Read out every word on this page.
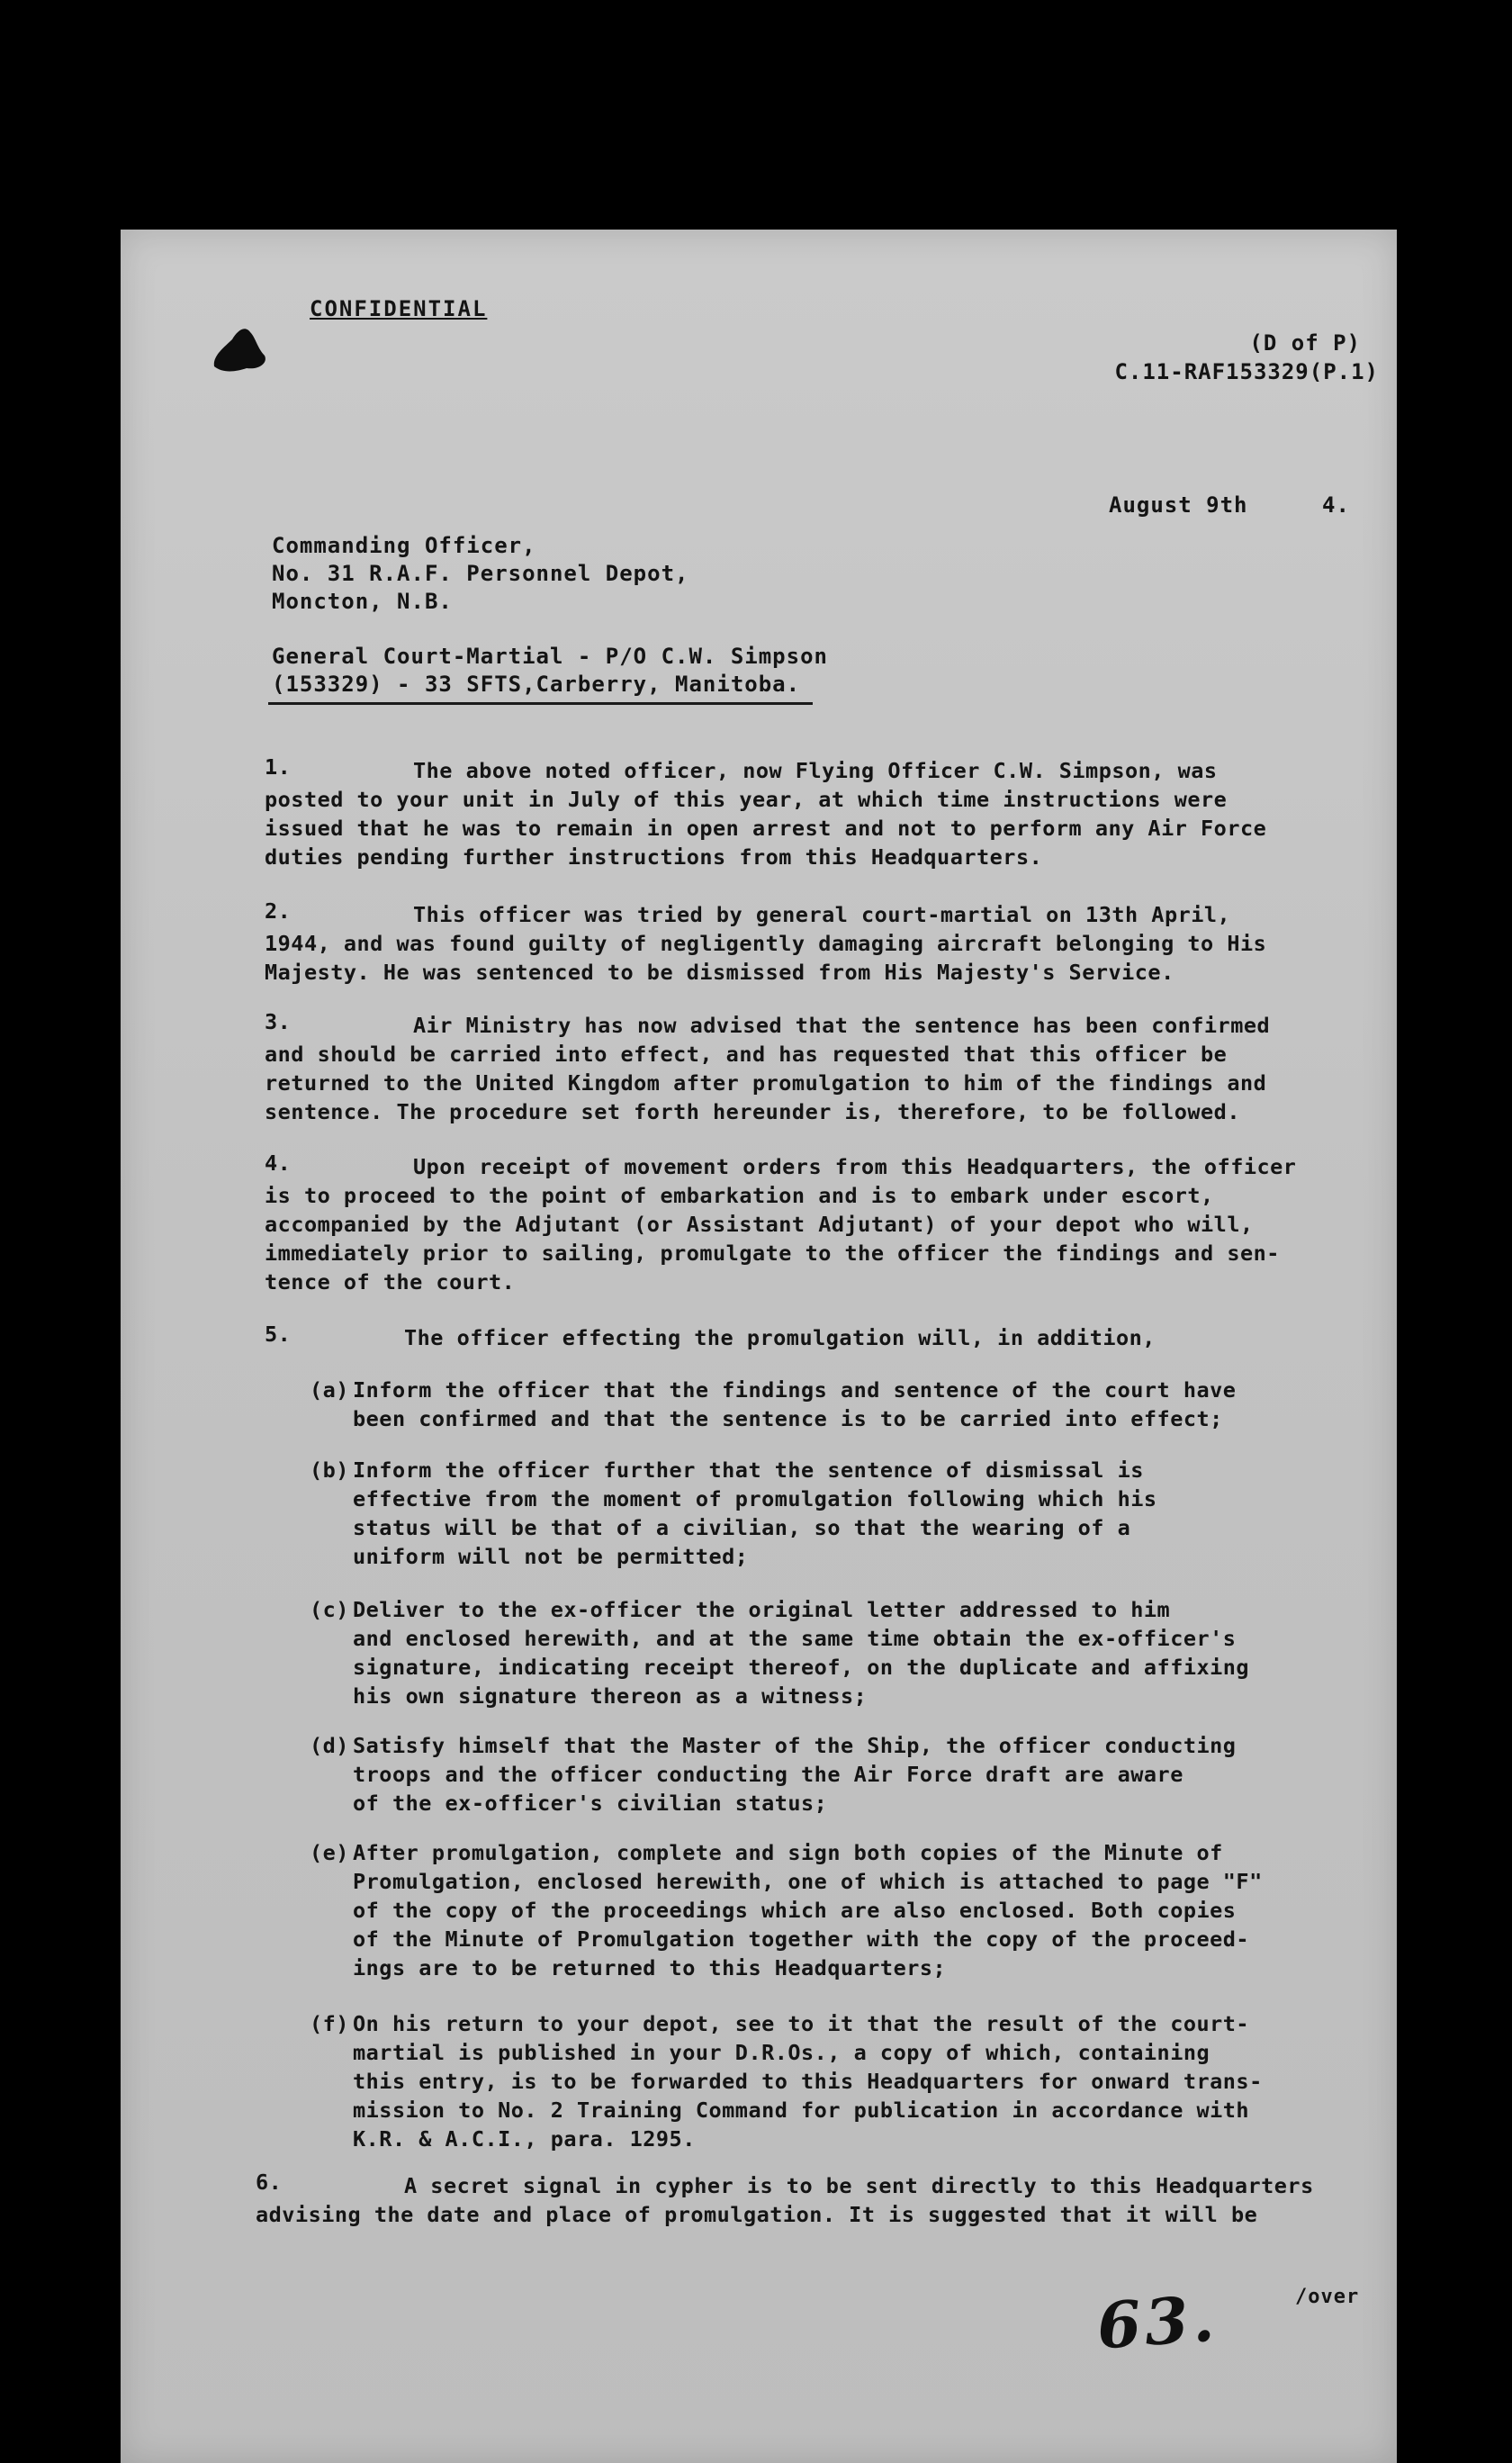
CONFIDENTIAL
(D of P)
C.11-RAF153329(P.1)
August 9th	4.
Commanding Officer,
No. 31 R.A.F. Personnel Depot,
Moncton, N.B.
General Court-Martial - P/O C.W. Simpson
(153329) - 33 SFTS,Carberry, Manitoba.
1.	The above noted officer, now Flying Officer C.W. Simpson, was
posted to your unit in July of this year, at which time instructions were
issued that he was to remain in open arrest and not to perform any Air Force
duties pending further instructions from this Headquarters.
2.	This officer was tried by general court-martial on 13th April,
1944, and was found guilty of negligently damaging aircraft belonging to His
Majesty. He was sentenced to be dismissed from His Majesty's Service.
3.	Air Ministry has now advised that the sentence has been confirmed
and should be carried into effect, and has requested that this officer be
returned to the United Kingdom after promulgation to him of the findings and
sentence. The procedure set forth hereunder is, therefore, to be followed.
4.	Upon receipt of movement orders from this Headquarters, the officer
is to proceed to the point of embarkation and is to embark under escort,
accompanied by the Adjutant (or Assistant Adjutant) of your depot who will,
immediately prior to sailing, promulgate to the officer the findings and sen-
tence of the court.
5.	The officer effecting the promulgation will, in addition,
(a) Inform the officer that the findings and sentence of the court have
been confirmed and that the sentence is to be carried into effect;
(b) Inform the officer further that the sentence of dismissal is
effective from the moment of promulgation following which his
status will be that of a civilian, so that the wearing of a
uniform will not be permitted;
(c) Deliver to the ex-officer the original letter addressed to him
and enclosed herewith, and at the same time obtain the ex-officer's
signature, indicating receipt thereof, on the duplicate and affixing
his own signature thereon as a witness;
(d) Satisfy himself that the Master of the Ship, the officer conducting
troops and the officer conducting the Air Force draft are aware
of the ex-officer's civilian status;
(e) After promulgation, complete and sign both copies of the Minute of
Promulgation, enclosed herewith, one of which is attached to page "F"
of the copy of the proceedings which are also enclosed. Both copies
of the Minute of Promulgation together with the copy of the proceed-
ings are to be returned to this Headquarters;
(f) On his return to your depot, see to it that the result of the court-
martial is published in your D.R.Os., a copy of which, containing
this entry, is to be forwarded to this Headquarters for onward trans-
mission to No. 2 Training Command for publication in accordance with
K.R. & A.C.I., para. 1295.
6.	A secret signal in cypher is to be sent directly to this Headquarters
advising the date and place of promulgation. It is suggested that it will be
63.	/over
